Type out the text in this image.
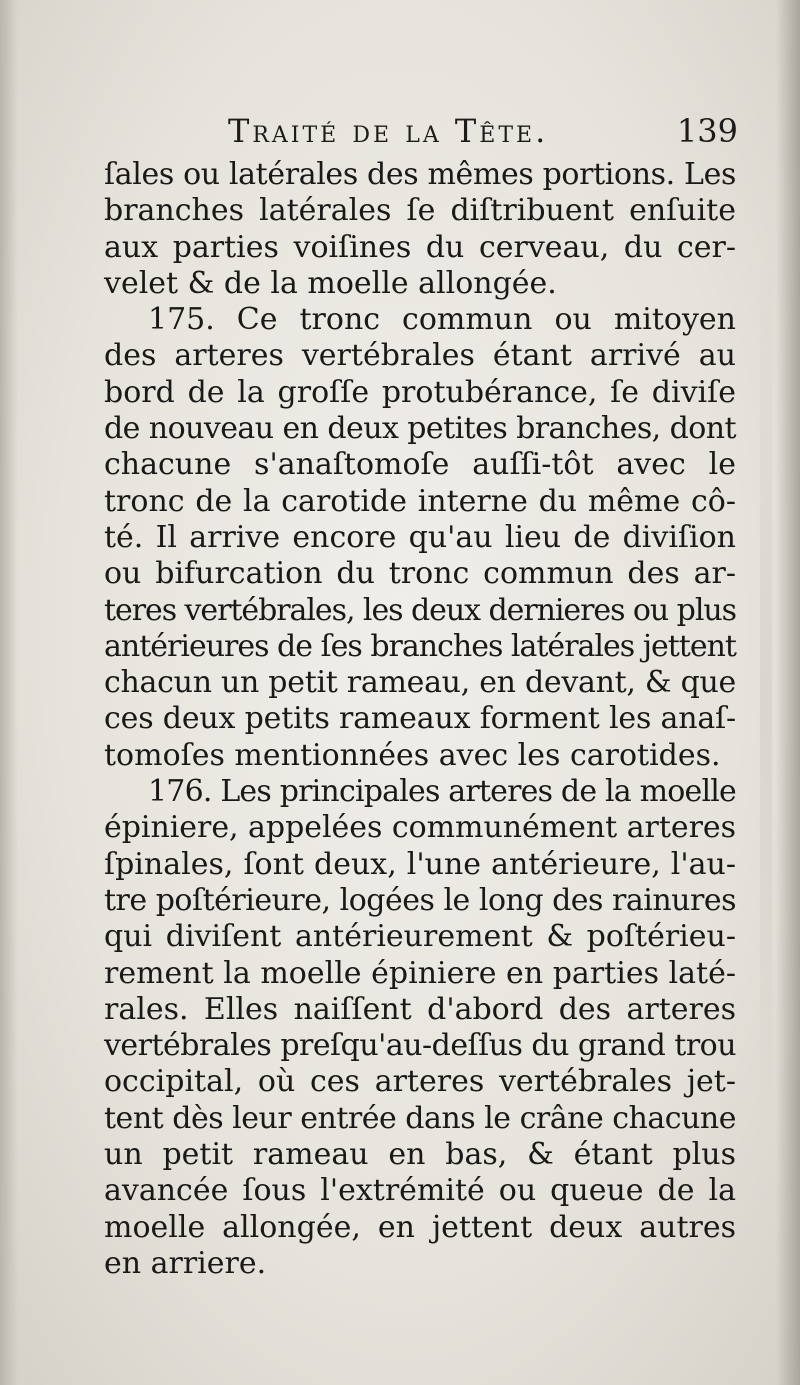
Traité de la Tête.	139
ſales ou latérales des mêmes portions. Les
branches latérales ſe diſtribuent enſuite
aux parties voiſines du cerveau, du cer-
velet & de la moelle allongée.
175. Ce tronc commun ou mitoyen
des arteres vertébrales étant arrivé au
bord de la groſſe protubérance, ſe diviſe
de nouveau en deux petites branches, dont
chacune s'anaſtomoſe auſſi-tôt avec le
tronc de la carotide interne du même cô-
té. Il arrive encore qu'au lieu de diviſion
ou bifurcation du tronc commun des ar-
teres vertébrales, les deux dernieres ou plus
antérieures de ſes branches latérales jettent
chacun un petit rameau, en devant, & que
ces deux petits rameaux forment les anaſ-
tomoſes mentionnées avec les carotides.
176. Les principales arteres de la moelle
épiniere, appelées communément arteres
ſpinales, ſont deux, l'une antérieure, l'au-
tre poſtérieure, logées le long des rainures
qui diviſent antérieurement & poſtérieu-
rement la moelle épiniere en parties laté-
rales. Elles naiſſent d'abord des arteres
vertébrales preſqu'au-deſſus du grand trou
occipital, où ces arteres vertébrales jet-
tent dès leur entrée dans le crâne chacune
un petit rameau en bas, & étant plus
avancée ſous l'extrémité ou queue de la
moelle allongée, en jettent deux autres
en arriere.
